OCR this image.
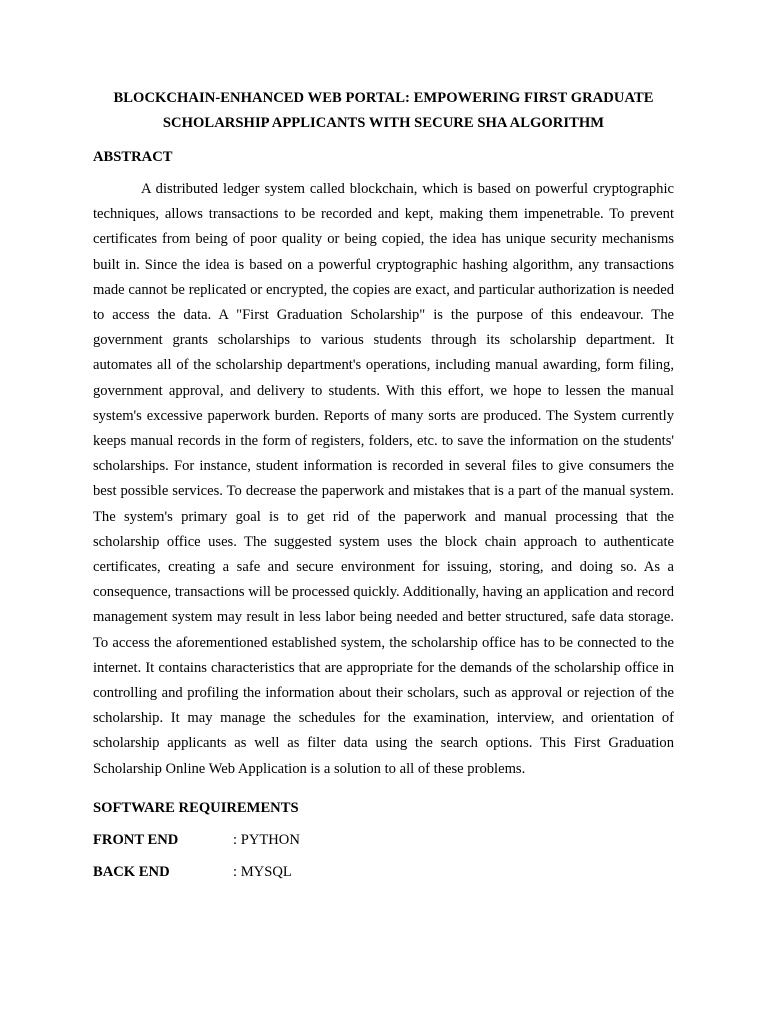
BLOCKCHAIN-ENHANCED WEB PORTAL: EMPOWERING FIRST GRADUATE
SCHOLARSHIP APPLICANTS WITH SECURE SHA ALGORITHM
ABSTRACT

A distributed ledger system called blockchain, which is based on powerful cryptographic techniques, allows transactions to be recorded and kept, making them impenetrable. To prevent certificates from being of poor quality or being copied, the idea has unique security mechanisms built in. Since the idea is based on a powerful cryptographic hashing algorithm, any transactions made cannot be replicated or encrypted, the copies are exact, and particular authorization is needed to access the data. A "First Graduation Scholarship" is the purpose of this endeavour. The government grants scholarships to various students through its scholarship department. It automates all of the scholarship department's operations, including manual awarding, form filing, government approval, and delivery to students. With this effort, we hope to lessen the manual system's excessive paperwork burden. Reports of many sorts are produced. The System currently keeps manual records in the form of registers, folders, etc. to save the information on the students' scholarships. For instance, student information is recorded in several files to give consumers the best possible services. To decrease the paperwork and mistakes that is a part of the manual system. The system's primary goal is to get rid of the paperwork and manual processing that the scholarship office uses. The suggested system uses the block chain approach to authenticate certificates, creating a safe and secure environment for issuing, storing, and doing so. As a consequence, transactions will be processed quickly. Additionally, having an application and record management system may result in less labor being needed and better structured, safe data storage. To access the aforementioned established system, the scholarship office has to be connected to the internet. It contains characteristics that are appropriate for the demands of the scholarship office in controlling and profiling the information about their scholars, such as approval or rejection of the scholarship. It may manage the schedules for the examination, interview, and orientation of scholarship applicants as well as filter data using the search options. This First Graduation Scholarship Online Web Application is a solution to all of these problems.

SOFTWARE REQUIREMENTS
FRONT END	: PYTHON
BACK END	: MYSQL
